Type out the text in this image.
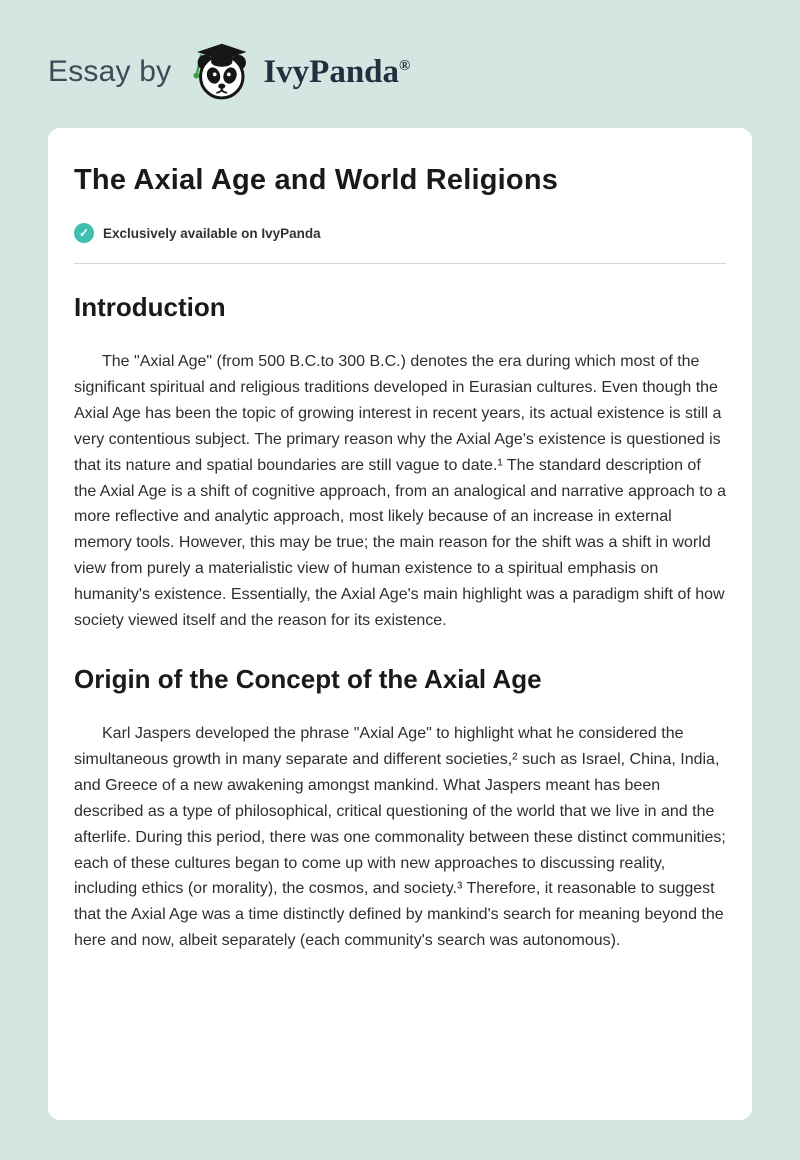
Essay by	IvyPanda®
The Axial Age and World Religions
✓	Exclusively available on IvyPanda
Introduction

The "Axial Age" (from 500 B.C.to 300 B.C.) denotes the era during which most of the significant spiritual and religious traditions developed in Eurasian cultures. Even though the Axial Age has been the topic of growing interest in recent years, its actual existence is still a very contentious subject. The primary reason why the Axial Age's existence is questioned is that its nature and spatial boundaries are still vague to date.¹ The standard description of the Axial Age is a shift of cognitive approach, from an analogical and narrative approach to a more reflective and analytic approach, most likely because of an increase in external memory tools. However, this may be true; the main reason for the shift was a shift in world view from purely a materialistic view of human existence to a spiritual emphasis on humanity's existence. Essentially, the Axial Age's main highlight was a paradigm shift of how society viewed itself and the reason for its existence.

Origin of the Concept of the Axial Age

Karl Jaspers developed the phrase "Axial Age" to highlight what he considered the simultaneous growth in many separate and different societies,² such as Israel, China, India, and Greece of a new awakening amongst mankind. What Jaspers meant has been described as a type of philosophical, critical questioning of the world that we live in and the afterlife. During this period, there was one commonality between these distinct communities; each of these cultures began to come up with new approaches to discussing reality, including ethics (or morality), the cosmos, and society.³ Therefore, it reasonable to suggest that the Axial Age was a time distinctly defined by mankind's search for meaning beyond the here and now, albeit separately (each community's search was autonomous).
